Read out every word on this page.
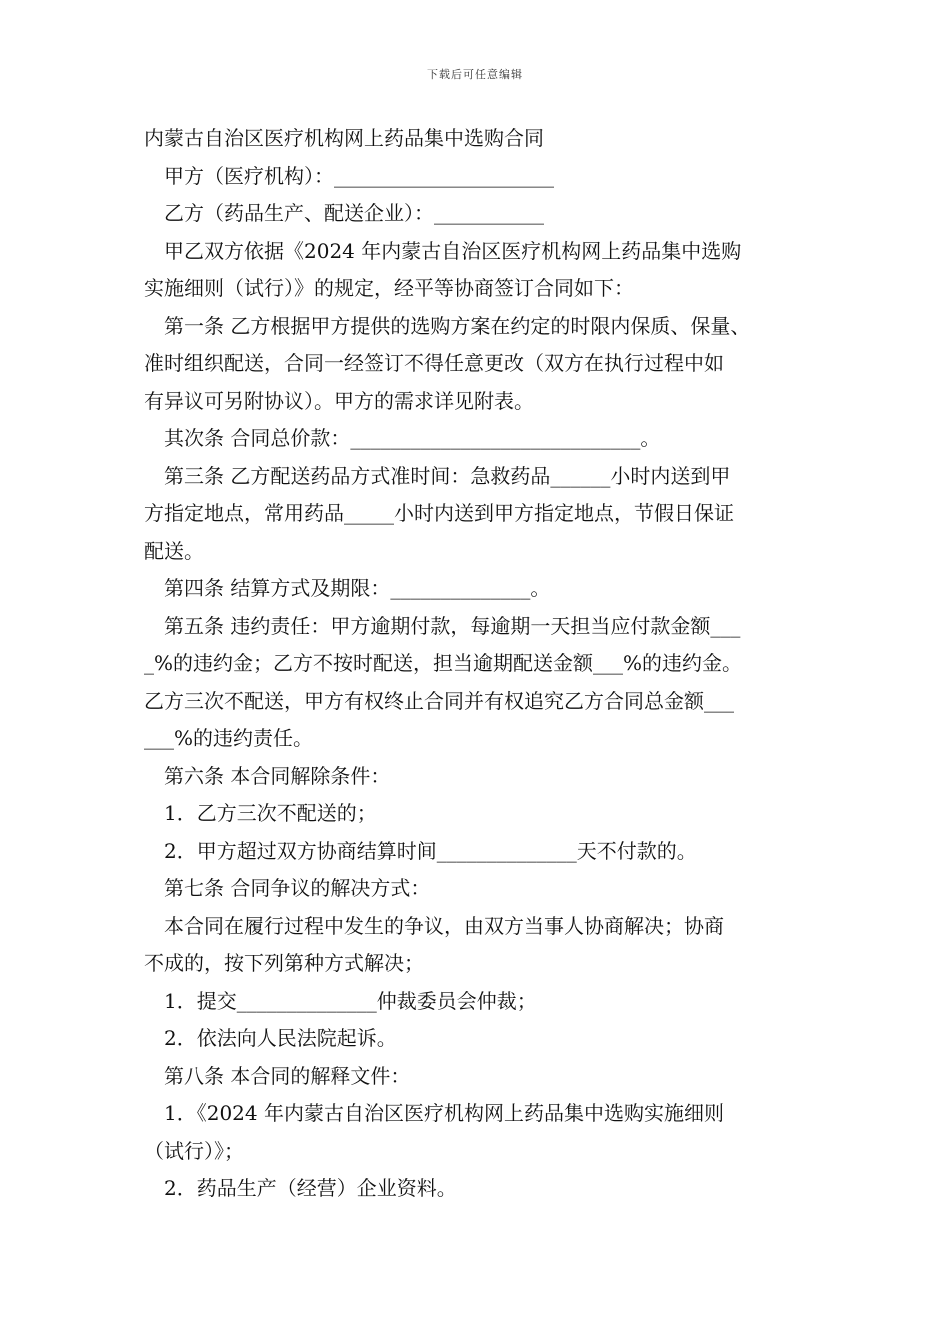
下载后可任意编辑
内蒙古自治区医疗机构网上药品集中选购合同
甲方（医疗机构）：______________________
乙方（药品生产、配送企业）：___________
甲乙双方依据《2024 年内蒙古自治区医疗机构网上药品集中选购
实施细则（试行）》的规定，经平等协商签订合同如下：
第一条 乙方根据甲方提供的选购方案在约定的时限内保质、保量、
准时组织配送，合同一经签订不得任意更改（双方在执行过程中如
有异议可另附协议）。甲方的需求详见附表。
其次条 合同总价款：_____________________________。
第三条 乙方配送药品方式准时间：急救药品______小时内送到甲
方指定地点，常用药品_____小时内送到甲方指定地点，节假日保证
配送。
第四条 结算方式及期限：______________。
第五条 违约责任：甲方逾期付款，每逾期一天担当应付款金额___
_%的违约金；乙方不按时配送，担当逾期配送金额___%的违约金。
乙方三次不配送，甲方有权终止合同并有权追究乙方合同总金额___
___%的违约责任。
第六条 本合同解除条件：
1．乙方三次不配送的；
2．甲方超过双方协商结算时间______________天不付款的。
第七条 合同争议的解决方式：
本合同在履行过程中发生的争议，由双方当事人协商解决；协商
不成的，按下列第种方式解决；
1．提交______________仲裁委员会仲裁；
2．依法向人民法院起诉。
第八条 本合同的解释文件：
1．《2024 年内蒙古自治区医疗机构网上药品集中选购实施细则
（试行）》；
2．药品生产（经营）企业资料。
